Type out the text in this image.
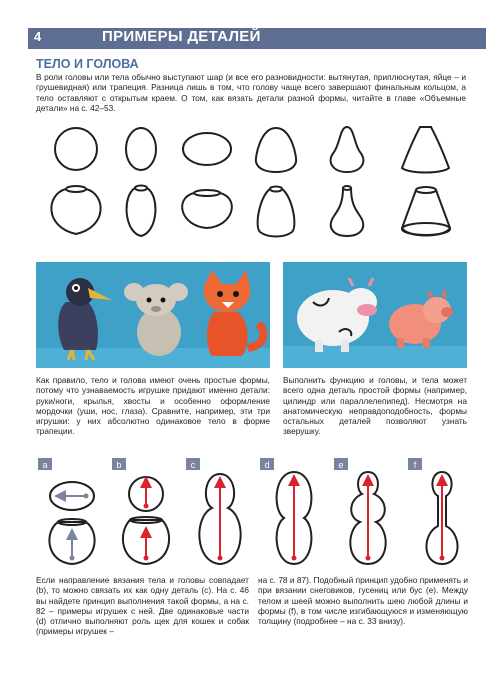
4	ПРИМЕРЫ ДЕТАЛЕЙ
ТЕЛО И ГОЛОВА

В роли головы или тела обычно выступают шар (и все его разновидности: вытянутая, приплюснутая, яйце – и грушевидная) или трапеция. Разница лишь в том, что голову чаще всего завершают финальным кольцом, а тело оставляют с открытым краем. О том, как вязать детали разной формы, читайте в главе «Объемные детали» на с. 42–53.

Как правило, тело и голова имеют очень простые формы, потому что узнаваемость игрушке придают именно детали: руки/ноги, крылья, хвосты и особенно оформление мордочки (уши, нос, глаза). Сравните, например, эти три игрушки: у них абсолютно одинаковое тело в форме трапеции.

Выполнить функцию и головы, и тела может всего одна деталь простой формы (например, цилиндр или параллелепипед). Несмотря на анатомическую неправдоподобность, формы остальных деталей позволяют узнать зверушку.

a	b	c	d	e	f

Если направление вязания тела и головы совпадает (b), то можно связать их как одну деталь (c). На с. 46 вы найдете принцип выполнения такой формы, а на с. 82 – примеры игрушек с ней. Две одинаковые части (d) отлично выполняют роль щек для кошек и собак (примеры игрушек –

на с. 78 и 87). Подобный принцип удобно применять и при вязании снеговиков, гусениц или бус (e). Между телом и шеей можно выполнить шею любой длины и формы (f), в том числе изгибающуюся и изменяющую толщину (подробнее – на с. 33 внизу).
